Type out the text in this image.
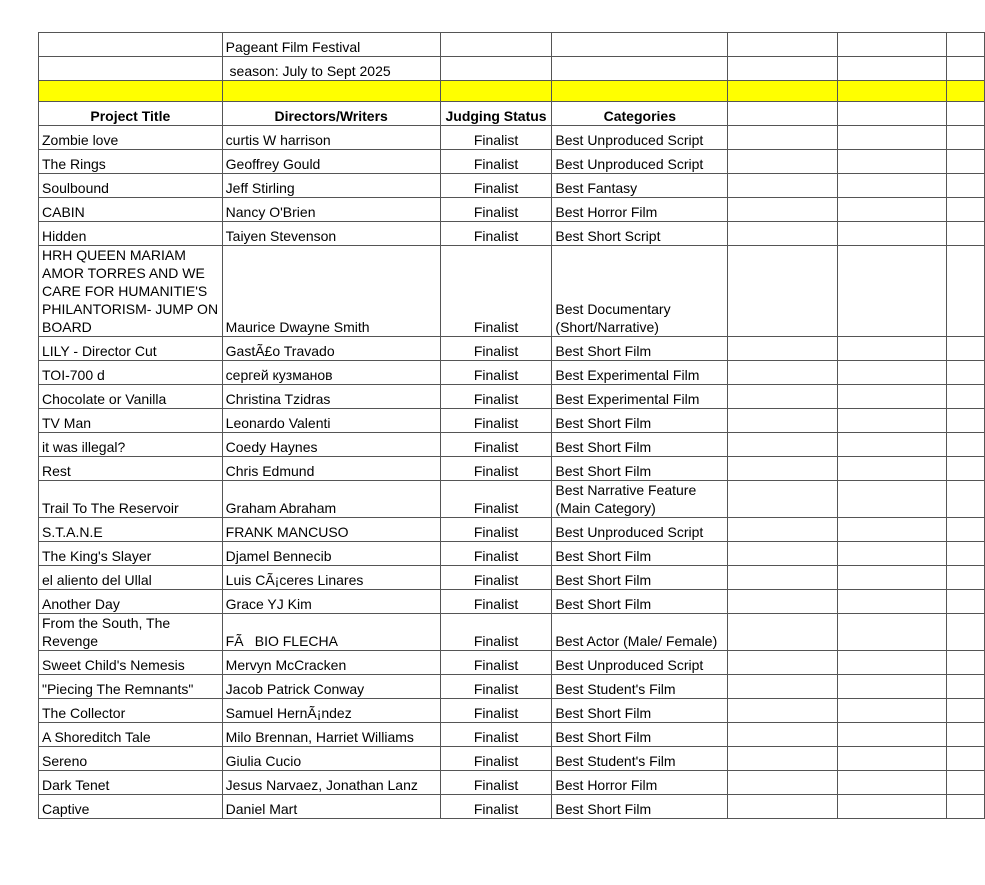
	Pageant Film Festival					
	season: July to Sept 2025					

Project Title	Directors/Writers	Judging Status	Categories			
Zombie love	curtis W harrison	Finalist	Best Unproduced Script			
The Rings	Geoffrey Gould	Finalist	Best Unproduced Script			
Soulbound	Jeff Stirling	Finalist	Best Fantasy			
CABIN	Nancy O'Brien	Finalist	Best Horror Film			
Hidden	Taiyen Stevenson	Finalist	Best Short Script			
HRH QUEEN MARIAM AMOR TORRES AND WE CARE FOR HUMANITIE'S PHILANTORISM- JUMP ON BOARD	Maurice Dwayne Smith	Finalist	Best Documentary (Short/Narrative)			
LILY - Director Cut	GastÃ£o Travado	Finalist	Best Short Film			
TOI-700 d	сергей кузманов	Finalist	Best Experimental Film			
Chocolate or Vanilla	Christina Tzidras	Finalist	Best Experimental Film			
TV Man	Leonardo Valenti	Finalist	Best Short Film			
it was illegal?	Coedy Haynes	Finalist	Best Short Film			
Rest	Chris Edmund	Finalist	Best Short Film			
Trail To The Reservoir	Graham Abraham	Finalist	Best Narrative Feature (Main Category)			
S.T.A.N.E	FRANK MANCUSO	Finalist	Best Unproduced Script			
The King's Slayer	Djamel Bennecib	Finalist	Best Short Film			
el aliento del Ullal	Luis CÃ¡ceres Linares	Finalist	Best Short Film			
Another Day	Grace YJ Kim	Finalist	Best Short Film			
From the South, The Revenge	FÃBIO FLECHA	Finalist	Best Actor (Male/ Female)			
Sweet Child's Nemesis	Mervyn McCracken	Finalist	Best Unproduced Script			
"Piecing The Remnants"	Jacob Patrick Conway	Finalist	Best Student's Film			
The Collector	Samuel HernÃ¡ndez	Finalist	Best Short Film			
A Shoreditch Tale	Milo Brennan, Harriet Williams	Finalist	Best Short Film			
Sereno	Giulia Cucio	Finalist	Best Student's Film			
Dark Tenet	Jesus Narvaez, Jonathan Lanz	Finalist	Best Horror Film			
Captive	Daniel Mart	Finalist	Best Short Film			
